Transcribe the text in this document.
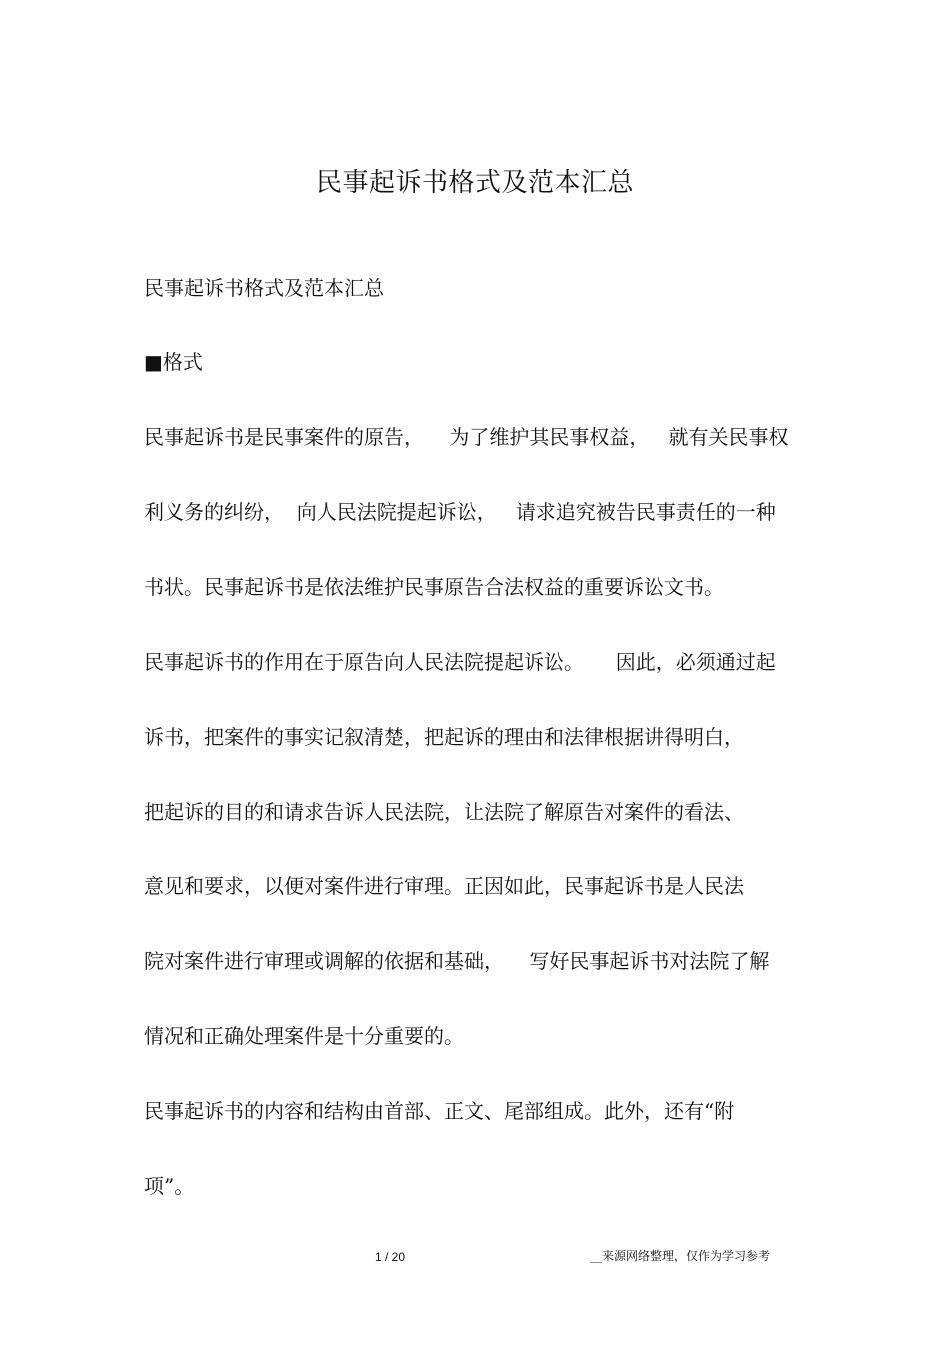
民事起诉书格式及范本汇总
民事起诉书格式及范本汇总
■格式
民事起诉书是民事案件的原告，    为了维护其民事权益，   就有关民事权
利义务的纠纷，  向人民法院提起诉讼，   请求追究被告民事责任的一种
书状。民事起诉书是依法维护民事原告合法权益的重要诉讼文书。
民事起诉书的作用在于原告向人民法院提起诉讼。     因此，必须通过起
诉书，把案件的事实记叙清楚，把起诉的理由和法律根据讲得明白，
把起诉的目的和请求告诉人民法院，让法院了解原告对案件的看法、
意见和要求，以便对案件进行审理。正因如此，民事起诉书是人民法
院对案件进行审理或调解的依据和基础，    写好民事起诉书对法院了解
情况和正确处理案件是十分重要的。
民事起诉书的内容和结构由首部、正文、尾部组成。此外，还有“附
项”。
1 / 20	__来源网络整理，仅作为学习参考
